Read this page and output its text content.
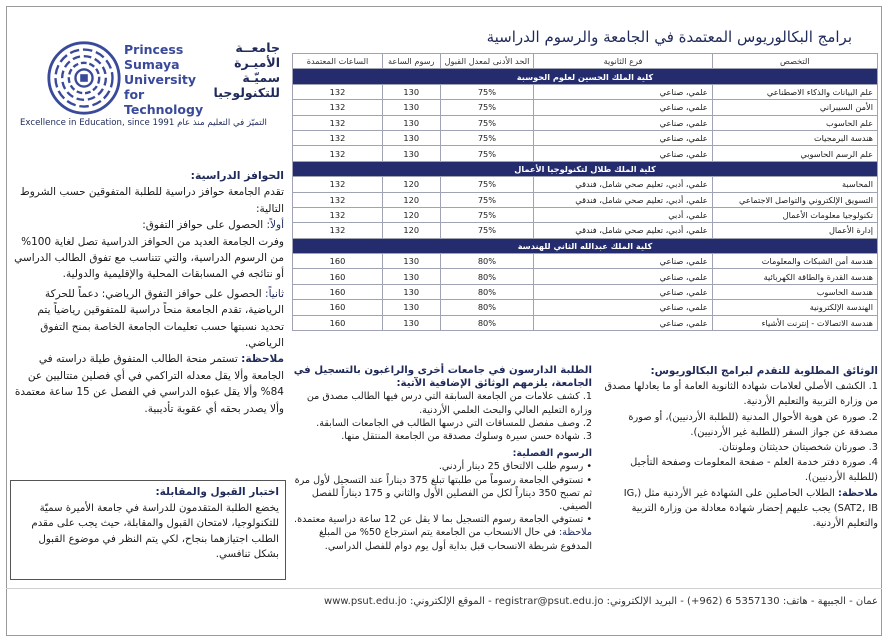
برامج البكالوريوس المعتمدة في الجامعة والرسوم الدراسية
Princess Sumaya
University
for Technology
جامعــة
الأميـرة سميّـة
للتكنولوجيا
Excellence in Education, since 1991 التميّز في التعليم منذ عام
التخصص	فرع الثانوية	الحد الأدنى لمعدل القبول	رسوم الساعة	الساعات المعتمدة
كلية الملك الحسين لعلوم الحوسبة				
علم البيانات والذكاء الاصطناعي	علمي، صناعي	75%	130	132
الأمن السيبراني	علمي، صناعي	75%	130	132
علم الحاسوب	علمي، صناعي	75%	130	132
هندسة البرمجيات	علمي، صناعي	75%	130	132
علم الرسم الحاسوبي	علمي، صناعي	75%	130	132
كلية الملك طلال لتكنولوجيا الأعمال				
المحاسبة	علمي، أدبي، تعليم صحي شامل، فندقي	75%	120	132
التسويق الإلكتروني والتواصل الاجتماعي	علمي، أدبي، تعليم صحي شامل، فندقي	75%	120	132
تكنولوجيا معلومات الأعمال	علمي، أدبي	75%	120	132
إدارة الأعمال	علمي، أدبي، تعليم صحي شامل، فندقي	75%	120	132
كلية الملك عبدالله الثاني للهندسة				
هندسة أمن الشبكات والمعلومات	علمي، صناعي	80%	130	160
هندسة القدرة والطاقة الكهربائية	علمي، صناعي	80%	130	160
هندسة الحاسوب	علمي، صناعي	80%	130	160
الهندسة الإلكترونية	علمي، صناعي	80%	130	160
هندسة الاتصالات - إنترنت الأشياء	علمي، صناعي	80%	130	160
الحوافز الدراسية:
تقدم الجامعة حوافز دراسية للطلبة المتفوقين حسب الشروط التالية:
أولاً: الحصول على حوافز التفوق:
وفرت الجامعة العديد من الحوافز الدراسية تصل لغاية 100% من الرسوم الدراسية، والتي تتناسب مع تفوق الطالب الدراسي أو نتائجه في المسابقات المحلية والإقليمية والدولية.
ثانياً: الحصول على حوافز التفوق الرياضي: دعماً للحركة الرياضية، تقدم الجامعة منحاً دراسية للمتفوقين رياضياً يتم تحديد نسبتها حسب تعليمات الجامعة الخاصة بمنح التفوق الرياضي.
ملاحظة: تستمر منحة الطالب المتفوق طيلة دراسته في الجامعة وألا يقل معدله التراكمي في أي فصلين متتاليين عن 84% وألا يقل عبؤه الدراسي في الفصل عن 15 ساعة معتمدة وألا يصدر بحقه أي عقوبة تأديبية.
اختبار القبول والمقابلة:
يخضع الطلبة المتقدمون للدراسة في جامعة الأميرة سميّة للتكنولوجيا، لامتحان القبول والمقابلة، حيث يجب على مقدم الطلب اجتيازهما بنجاح، لكي يتم النظر في موضوع القبول بشكل تنافسي.
الطلبة الدارسون في جامعات أخرى والراغبون بالتسجيل في الجامعة، يلزمهم الوثائق الإضافية الآتية:
1. كشف علامات من الجامعة السابقة التي درس فيها الطالب مصدق من وزارة التعليم العالي والبحث العلمي الأردنية.
2. وصف مفصل للمساقات التي درسها الطالب في الجامعات السابقة.
3. شهادة حسن سيرة وسلوك مصدقة من الجامعة المنتقل منها.
الرسوم الفصلية:
• رسوم طلب الالتحاق 25 دينار أردني.
• تستوفي الجامعة رسوماً من طلبتها تبلغ 375 ديناراً عند التسجيل لأول مرة ثم تصبح 350 ديناراً لكل من الفصلين الأول والثاني و 175 ديناراً للفصل الصيفي.
• تستوفي الجامعة رسوم التسجيل بما لا يقل عن 12 ساعة دراسية معتمدة.
ملاحظة: في حال الانسحاب من الجامعة يتم استرجاع 50% من المبلغ المدفوع شريطة الانسحاب قبل بداية أول يوم دوام للفصل الدراسي.
الوثائق المطلوبة للتقدم لبرامج البكالوريوس:
1. الكشف الأصلي لعلامات شهادة الثانوية العامة أو ما يعادلها مصدق من وزارة التربية والتعليم الأردنية.
2. صورة عن هوية الأحوال المدنية (للطلبة الأردنيين)، أو صورة مصدقة عن جواز السفر (للطلبة غير الأردنيين).
3. صورتان شخصيتان حديثتان وملونتان.
4. صورة دفتر خدمة العلم - صفحة المعلومات وصفحة التأجيل (للطلبة الأردنيين).
ملاحظة: الطلاب الحاصلين على الشهادة غير الأردنية مثل (IG, SAT2, IB) يجب عليهم إحضار شهادة معادلة من وزارة التربية والتعليم الأردنية.
عمان - الجبيهة - هاتف: 5357130 6 (962+) - البريد الإلكتروني: registrar@psut.edu.jo - الموقع الإلكتروني: www.psut.edu.jo
